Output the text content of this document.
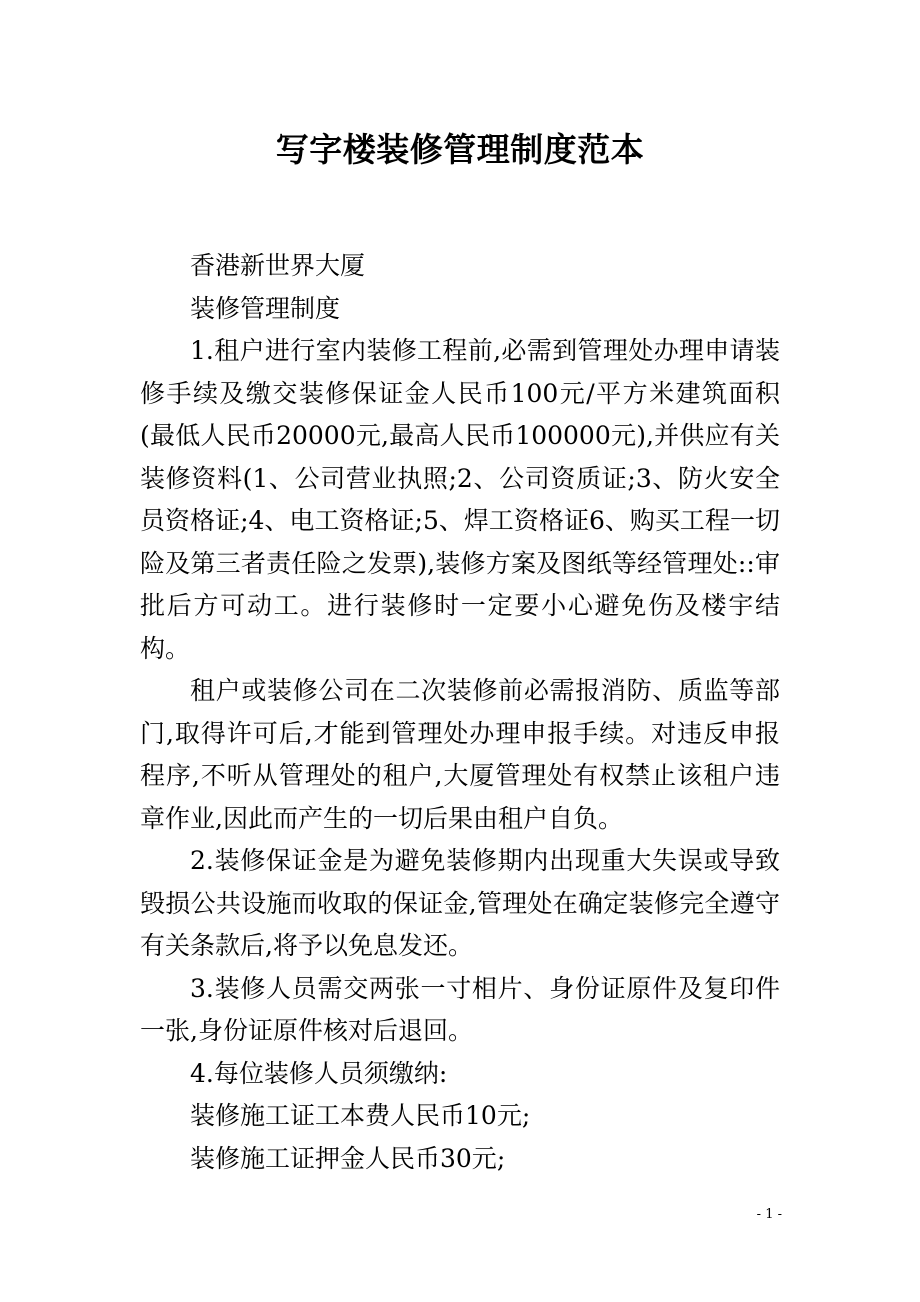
写字楼装修管理制度范本

香港新世界大厦

装修管理制度

1.租户进行室内装修工程前,必需到管理处办理申请装修手续及缴交装修保证金人民币100元/平方米建筑面积(最低人民币20000元,最高人民币100000元),并供应有关装修资料(1、公司营业执照;2、公司资质证;3、防火安全员资格证;4、电工资格证;5、焊工资格证6、购买工程一切险及第三者责任险之发票),装修方案及图纸等经管理处::审批后方可动工。进行装修时一定要小心避免伤及楼宇结构。

租户或装修公司在二次装修前必需报消防、质监等部门,取得许可后,才能到管理处办理申报手续。对违反申报程序,不听从管理处的租户,大厦管理处有权禁止该租户违章作业,因此而产生的一切后果由租户自负。

2.装修保证金是为避免装修期内出现重大失误或导致毁损公共设施而收取的保证金,管理处在确定装修完全遵守有关条款后,将予以免息发还。

3.装修人员需交两张一寸相片、身份证原件及复印件一张,身份证原件核对后退回。

4.每位装修人员须缴纳:

装修施工证工本费人民币10元;

装修施工证押金人民币30元;

- 1 -
